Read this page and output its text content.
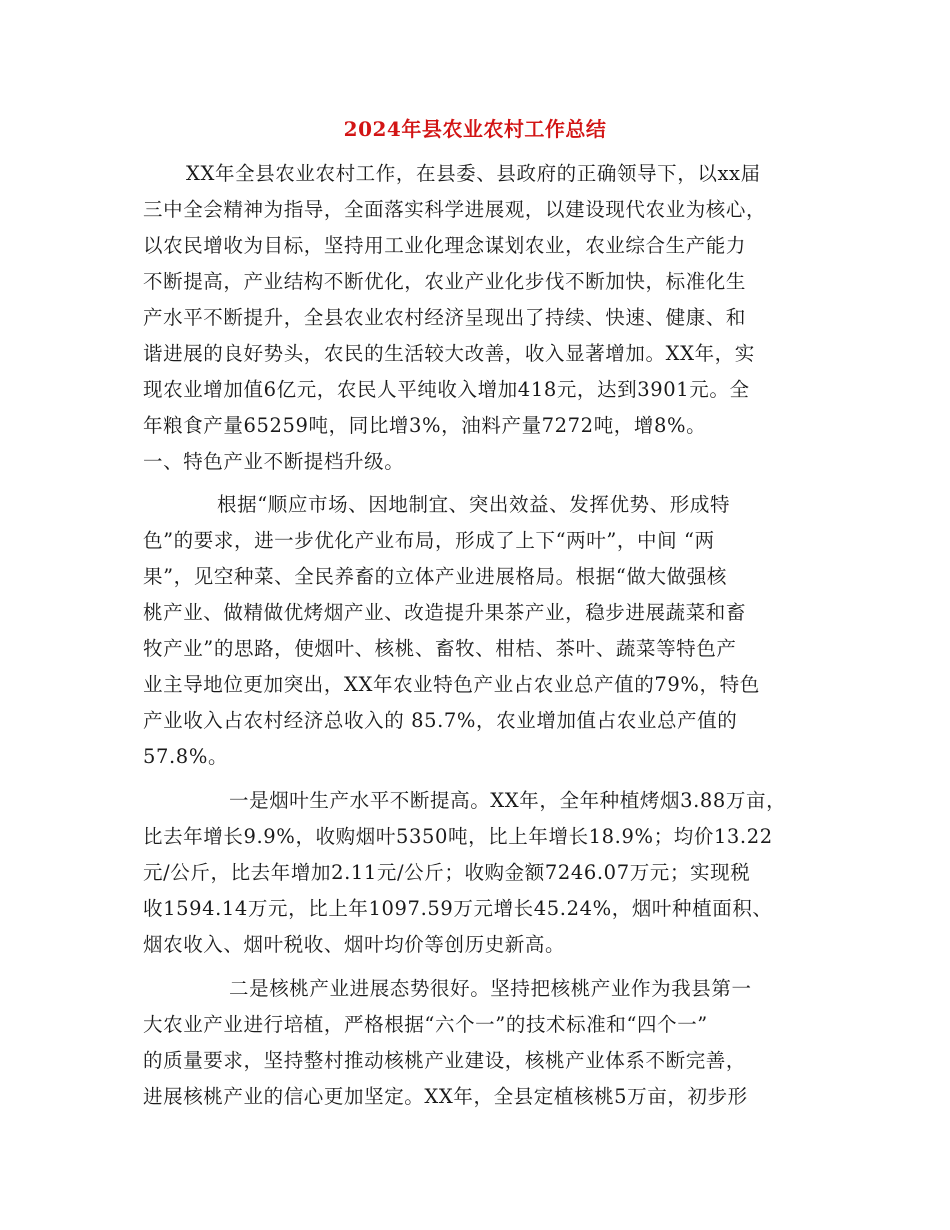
2024年县农业农村工作总结
XX年全县农业农村工作，在县委、县政府的正确领导下，以xx届
三中全会精神为指导，全面落实科学进展观，以建设现代农业为核心，
以农民增收为目标，坚持用工业化理念谋划农业，农业综合生产能力
不断提高，产业结构不断优化，农业产业化步伐不断加快，标准化生
产水平不断提升，全县农业农村经济呈现出了持续、快速、健康、和
谐进展的良好势头，农民的生活较大改善，收入显著增加。XX年，实
现农业增加值6亿元，农民人平纯收入增加418元，达到3901元。全
年粮食产量65259吨，同比增3%，油料产量7272吨，增8%。
一、特色产业不断提档升级。
根据“顺应市场、因地制宜、突出效益、发挥优势、形成特
色”的要求，进一步优化产业布局，形成了上下“两叶”，中间 “两
果”，见空种菜、全民养畜的立体产业进展格局。根据“做大做强核
桃产业、做精做优烤烟产业、改造提升果茶产业，稳步进展蔬菜和畜
牧产业”的思路，使烟叶、核桃、畜牧、柑桔、茶叶、蔬菜等特色产
业主导地位更加突出，XX年农业特色产业占农业总产值的79%，特色
产业收入占农村经济总收入的 85.7%，农业增加值占农业总产值的
57.8%。
一是烟叶生产水平不断提高。XX年，全年种植烤烟3.88万亩，
比去年增长9.9%，收购烟叶5350吨，比上年增长18.9%；均价13.22
元/公斤，比去年增加2.11元/公斤；收购金额7246.07万元；实现税
收1594.14万元，比上年1097.59万元增长45.24%，烟叶种植面积、
烟农收入、烟叶税收、烟叶均价等创历史新高。
二是核桃产业进展态势很好。坚持把核桃产业作为我县第一
大农业产业进行培植，严格根据“六个一”的技术标准和“四个一”
的质量要求，坚持整村推动核桃产业建设，核桃产业体系不断完善，
进展核桃产业的信心更加坚定。XX年，全县定植核桃5万亩，初步形
